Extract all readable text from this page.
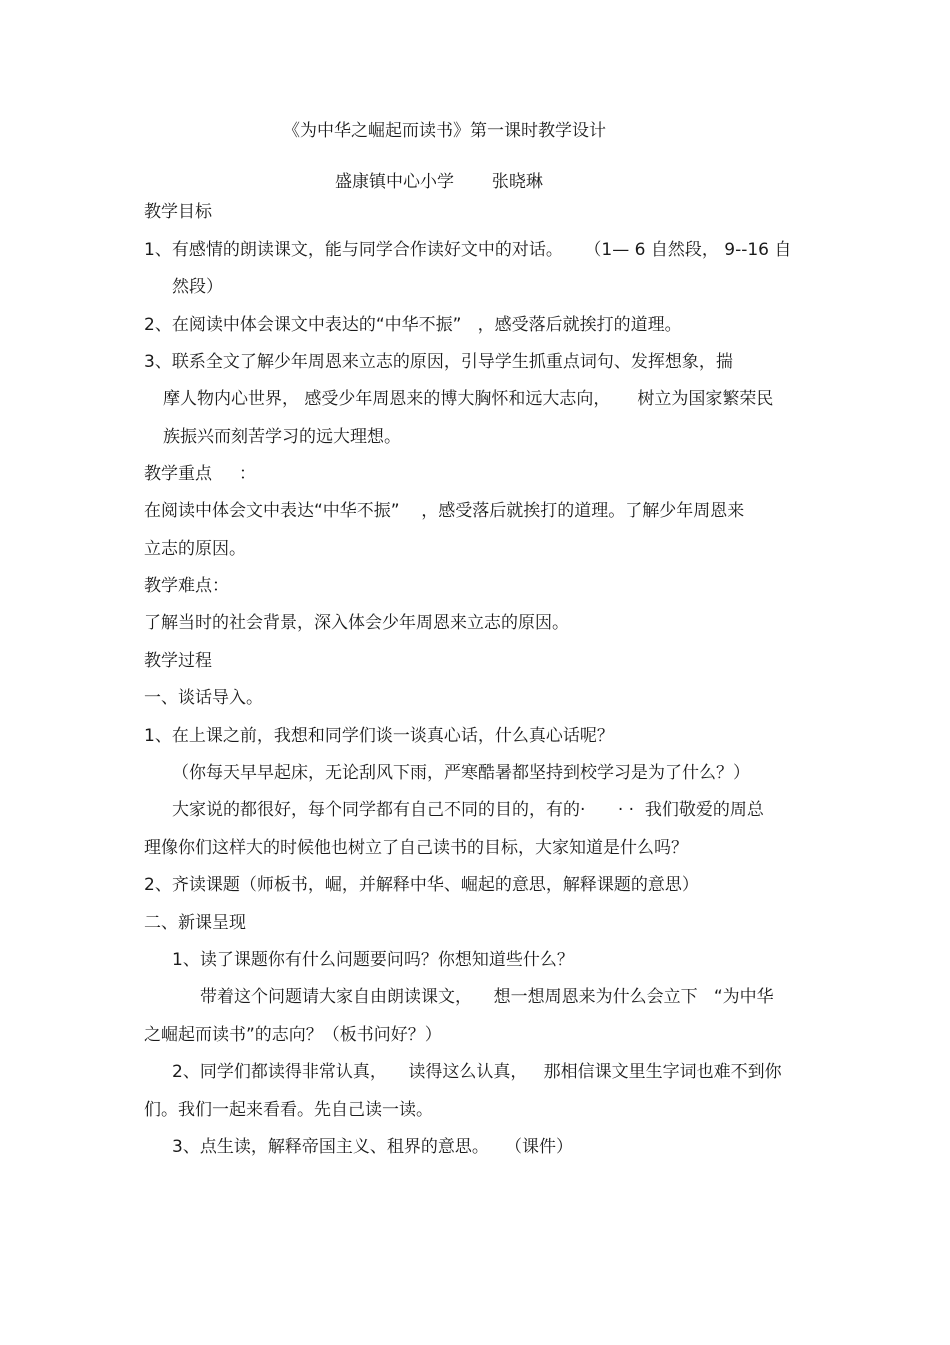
《为中华之崛起而读书》第一课时教学设计

盛康镇中心小学       张晓琳

教学目标

1、有感情的朗读课文，能与同学合作读好文中的对话。    （1— 6 自然段， 9--16 自

然段）

2、在阅读中体会课文中表达的“中华不振”   ，感受落后就挨打的道理。

3、联系全文了解少年周恩来立志的原因，引导学生抓重点词句、发挥想象，揣

摩人物内心世界， 感受少年周恩来的博大胸怀和远大志向，     树立为国家繁荣民

族振兴而刻苦学习的远大理想。

教学重点     ：

在阅读中体会文中表达“中华不振”    ，感受落后就挨打的道理。了解少年周恩来

立志的原因。

教学难点：

了解当时的社会背景，深入体会少年周恩来立志的原因。

教学过程

一、谈话导入。

1、在上课之前，我想和同学们谈一谈真心话，什么真心话呢？

（你每天早早起床，无论刮风下雨，严寒酷暑都坚持到校学习是为了什么？）

大家说的都很好，每个同学都有自己不同的目的，有的·      · ·  我们敬爱的周总

理像你们这样大的时候他也树立了自己读书的目标，大家知道是什么吗？

2、齐读课题（师板书，崛，并解释中华、崛起的意思，解释课题的意思）

二、新课呈现

1、读了课题你有什么问题要问吗？你想知道些什么？

带着这个问题请大家自由朗读课文，    想一想周恩来为什么会立下   “为中华

之崛起而读书”的志向？（板书问好？）

2、同学们都读得非常认真，    读得这么认真，   那相信课文里生字词也难不到你

们。我们一起来看看。先自己读一读。

3、点生读，解释帝国主义、租界的意思。   （课件）
